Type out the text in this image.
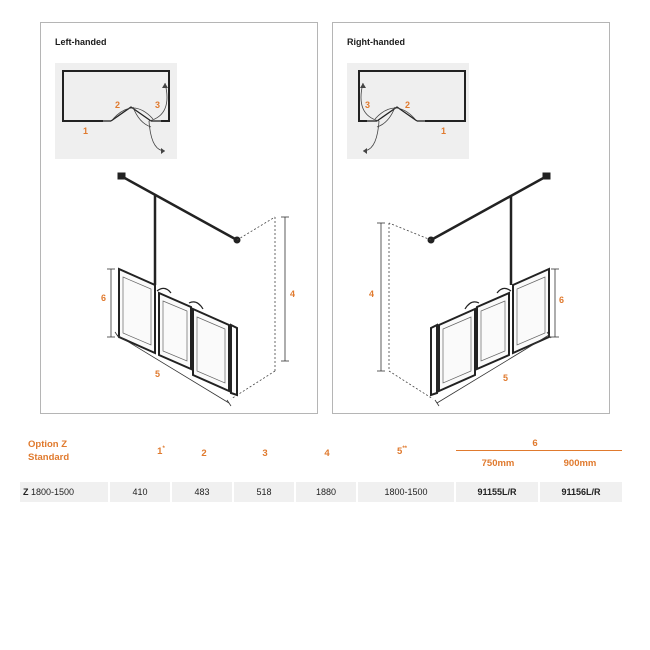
Left-handed
1
2	3
6	4
5
Right-handed
1
2
3
6
4
5
Option Z
Standard
1*	2	3	4	5**	6
750mm	900mm
Z 1800-1500	410	483	518	1880	1800-1500	91155L/R	91156L/R
